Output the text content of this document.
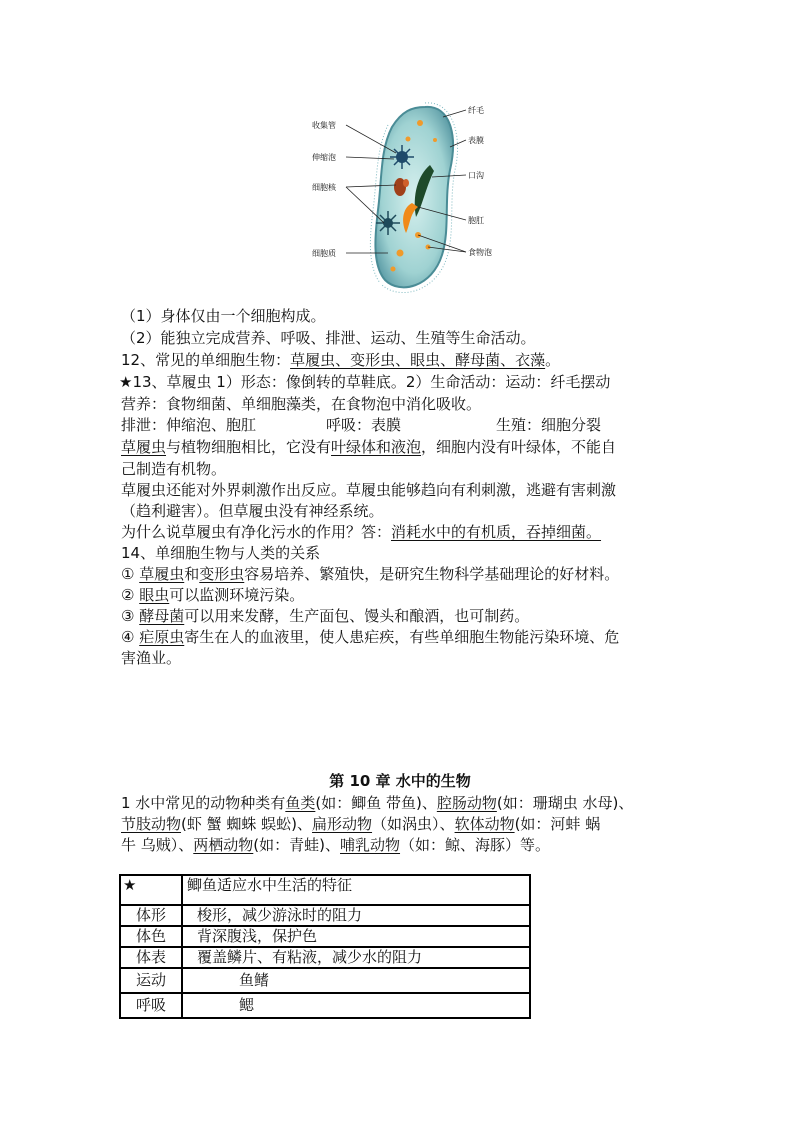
收集管
伸缩泡
细胞核
细胞质
纤毛
表膜
口沟
胞肛
食物泡
（1）身体仅由一个细胞构成。
（2）能独立完成营养、呼吸、排泄、运动、生殖等生命活动。
12、常见的单细胞生物：草履虫、变形虫、眼虫、酵母菌、衣藻。
★13、草履虫 1）形态：像倒转的草鞋底。2）生命活动：运动：纤毛摆动
营养：食物细菌、单细胞藻类，在食物泡中消化吸收。
排泄：伸缩泡、胞肛	呼吸：表膜	生殖：细胞分裂
草履虫与植物细胞相比，它没有叶绿体和液泡，细胞内没有叶绿体，不能自
己制造有机物。
草履虫还能对外界刺激作出反应。草履虫能够趋向有利刺激，逃避有害刺激
（趋利避害）。但草履虫没有神经系统。
为什么说草履虫有净化污水的作用？答：消耗水中的有机质，吞掉细菌。
14、单细胞生物与人类的关系
① 草履虫和变形虫容易培养、繁殖快，是研究生物科学基础理论的好材料。
② 眼虫可以监测环境污染。
③ 酵母菌可以用来发酵，生产面包、馒头和酿酒，也可制药。
④ 疟原虫寄生在人的血液里，使人患疟疾，有些单细胞生物能污染环境、危
害渔业。
第 10 章 水中的生物
1 水中常见的动物种类有鱼类(如：鲫鱼 带鱼)、腔肠动物(如：珊瑚虫 水母)、
节肢动物(虾 蟹 蜘蛛 蜈蚣)、扁形动物（如涡虫）、软体动物(如：河蚌 蜗
牛 乌贼）、两栖动物(如：青蛙)、哺乳动物（如：鲸、海豚）等。
★	鲫鱼适应水中生活的特征
体形	梭形，减少游泳时的阻力
体色	背深腹浅，保护色
体表	覆盖鳞片、有粘液，减少水的阻力
运动	鱼鳍
呼吸	鳃
